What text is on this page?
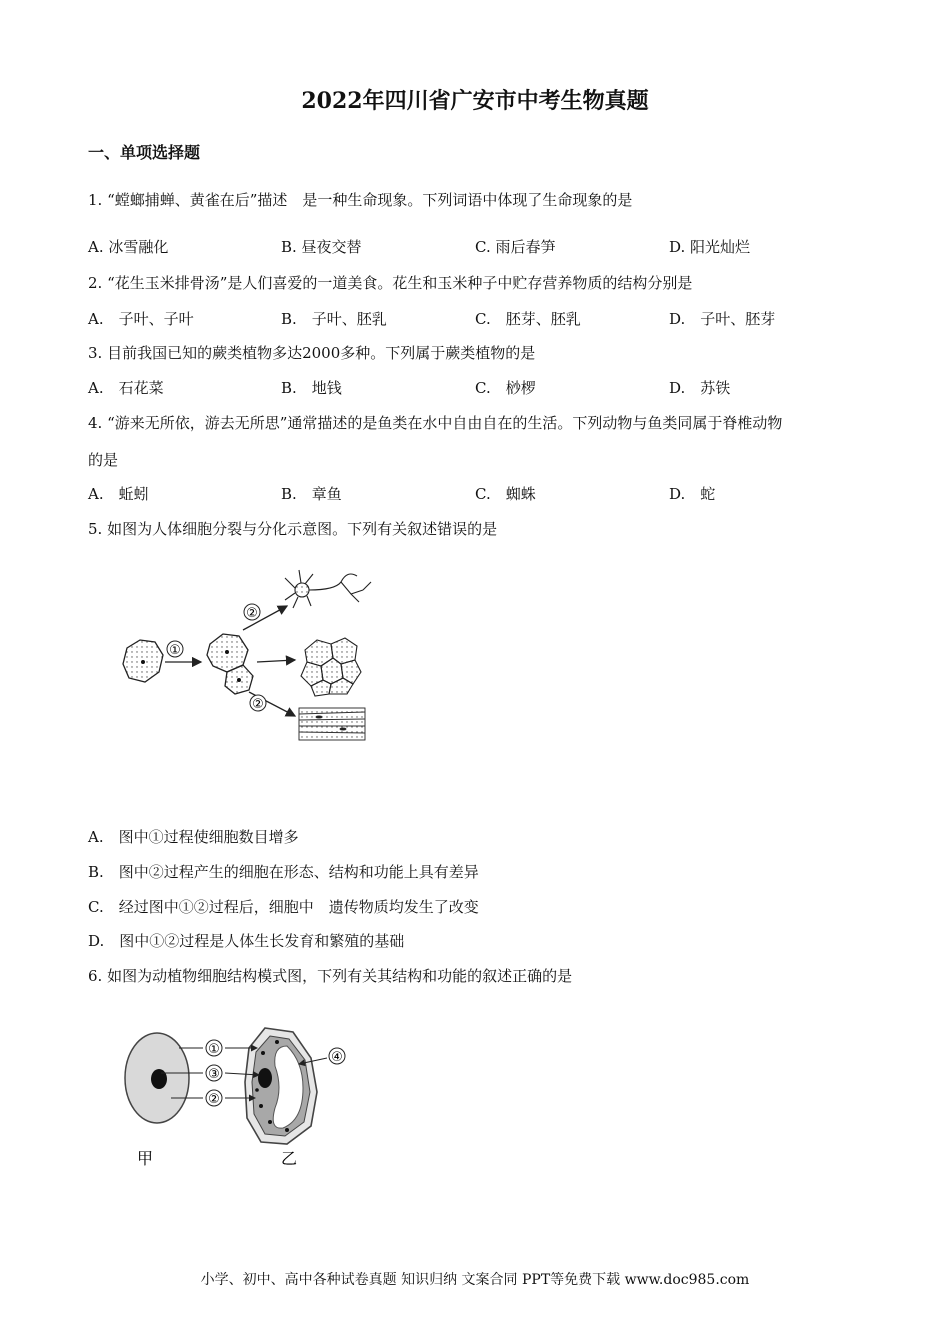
2022年四川省广安市中考生物真题
一、单项选择题
1. “螳螂捕蝉、黄雀在后”描述　是一种生命现象。下列词语中体现了生命现象的是
A. 冰雪融化	B. 昼夜交替	C. 雨后春笋	D. 阳光灿烂
2. “花生玉米排骨汤”是人们喜爱的一道美食。花生和玉米种子中贮存营养物质的结构分别是
A.　子叶、子叶	B.　子叶、胚乳	C.　胚芽、胚乳	D.　子叶、胚芽
3. 目前我国已知的蕨类植物多达2000多种。下列属于蕨类植物的是
A.　石花菜	B.　地钱	C.　桫椤	D.　苏铁
4. “游来无所依，游去无所思”通常描述的是鱼类在水中自由自在的生活。下列动物与鱼类同属于脊椎动物
的是
A.　蚯蚓	B.　章鱼	C.　蜘蛛	D.　蛇
5. 如图为人体细胞分裂与分化示意图。下列有关叙述错误的是
①
②
②
A.　图中①过程使细胞数目增多
B.　图中②过程产生的细胞在形态、结构和功能上具有差异
C.　经过图中①②过程后，细胞中　遗传物质均发生了改变
D.　图中①②过程是人体生长发育和繁殖的基础
6. 如图为动植物细胞结构模式图，下列有关其结构和功能的叙述正确的是
①
③
②
④
甲	乙
小学、初中、高中各种试卷真题 知识归纳 文案合同 PPT等免费下载 www.doc985.com
